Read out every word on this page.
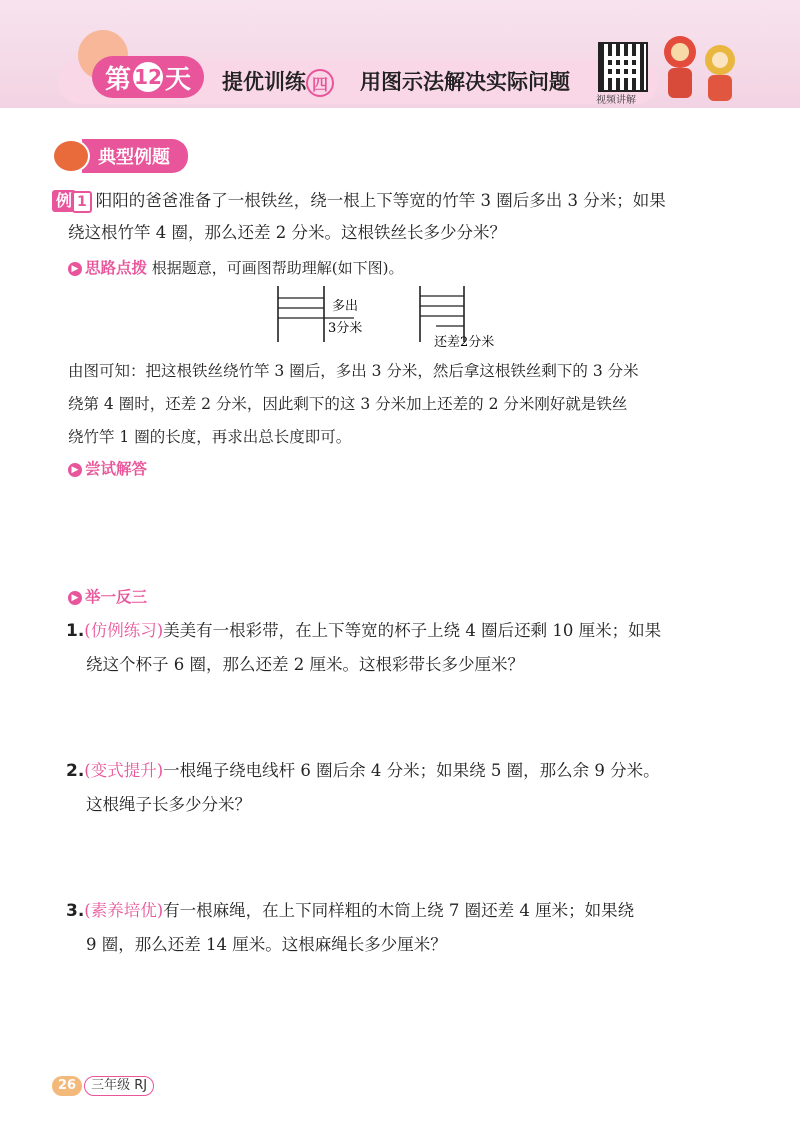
第 12 天 提优训练 四 用图示法解决实际问题
视频讲解
典型例题
例 1 阳阳的爸爸准备了一根铁丝，绕一根上下等宽的竹竿 3 圈后多出 3 分米；如果
绕这根竹竿 4 圈，那么还差 2 分米。这根铁丝长多少分米？
▶ 思路点拨 根据题意，可画图帮助理解(如下图)。
多出
3分米
还差2分米
由图可知：把这根铁丝绕竹竿 3 圈后，多出 3 分米，然后拿这根铁丝剩下的 3 分米
绕第 4 圈时，还差 2 分米，因此剩下的这 3 分米加上还差的 2 分米刚好就是铁丝
绕竹竿 1 圈的长度，再求出总长度即可。
▶ 尝试解答
▶ 举一反三
1.(仿例练习)美美有一根彩带，在上下等宽的杯子上绕 4 圈后还剩 10 厘米；如果
绕这个杯子 6 圈，那么还差 2 厘米。这根彩带长多少厘米？
2.(变式提升)一根绳子绕电线杆 6 圈后余 4 分米；如果绕 5 圈，那么余 9 分米。
这根绳子长多少分米？
3.(素养培优)有一根麻绳，在上下同样粗的木筒上绕 7 圈还差 4 厘米；如果绕
9 圈，那么还差 14 厘米。这根麻绳长多少厘米？
26	三年级 RJ
